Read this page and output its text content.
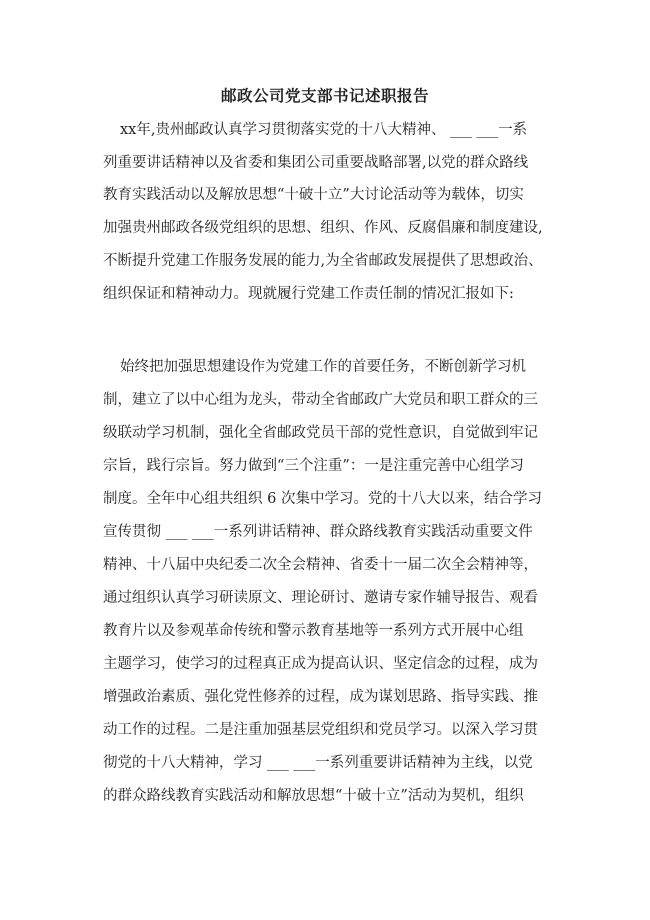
邮政公司党支部书记述职报告
xx年,贵州邮政认真学习贯彻落实党的十八大精神、 ___ ___一系
列重要讲话精神以及省委和集团公司重要战略部署,以党的群众路线
教育实践活动以及解放思想“十破十立”大讨论活动等为载体，切实
加强贵州邮政各级党组织的思想、组织、作风、反腐倡廉和制度建设,
不断提升党建工作服务发展的能力,为全省邮政发展提供了思想政治、
组织保证和精神动力。现就履行党建工作责任制的情况汇报如下:
始终把加强思想建设作为党建工作的首要任务，不断创新学习机
制，建立了以中心组为龙头，带动全省邮政广大党员和职工群众的三
级联动学习机制，强化全省邮政党员干部的党性意识，自觉做到牢记
宗旨，践行宗旨。努力做到“三个注重”：一是注重完善中心组学习
制度。全年中心组共组织 6 次集中学习。党的十八大以来，结合学习
宣传贯彻 ___ ___一系列讲话精神、群众路线教育实践活动重要文件
精神、十八届中央纪委二次全会精神、省委十一届二次全会精神等，
通过组织认真学习研读原文、理论研讨、邀请专家作辅导报告、观看
教育片以及参观革命传统和警示教育基地等一系列方式开展中心组
主题学习，使学习的过程真正成为提高认识、坚定信念的过程，成为
增强政治素质、强化党性修养的过程，成为谋划思路、指导实践、推
动工作的过程。二是注重加强基层党组织和党员学习。以深入学习贯
彻党的十八大精神，学习 ___ ___一系列重要讲话精神为主线，以党
的群众路线教育实践活动和解放思想“十破十立”活动为契机，组织
